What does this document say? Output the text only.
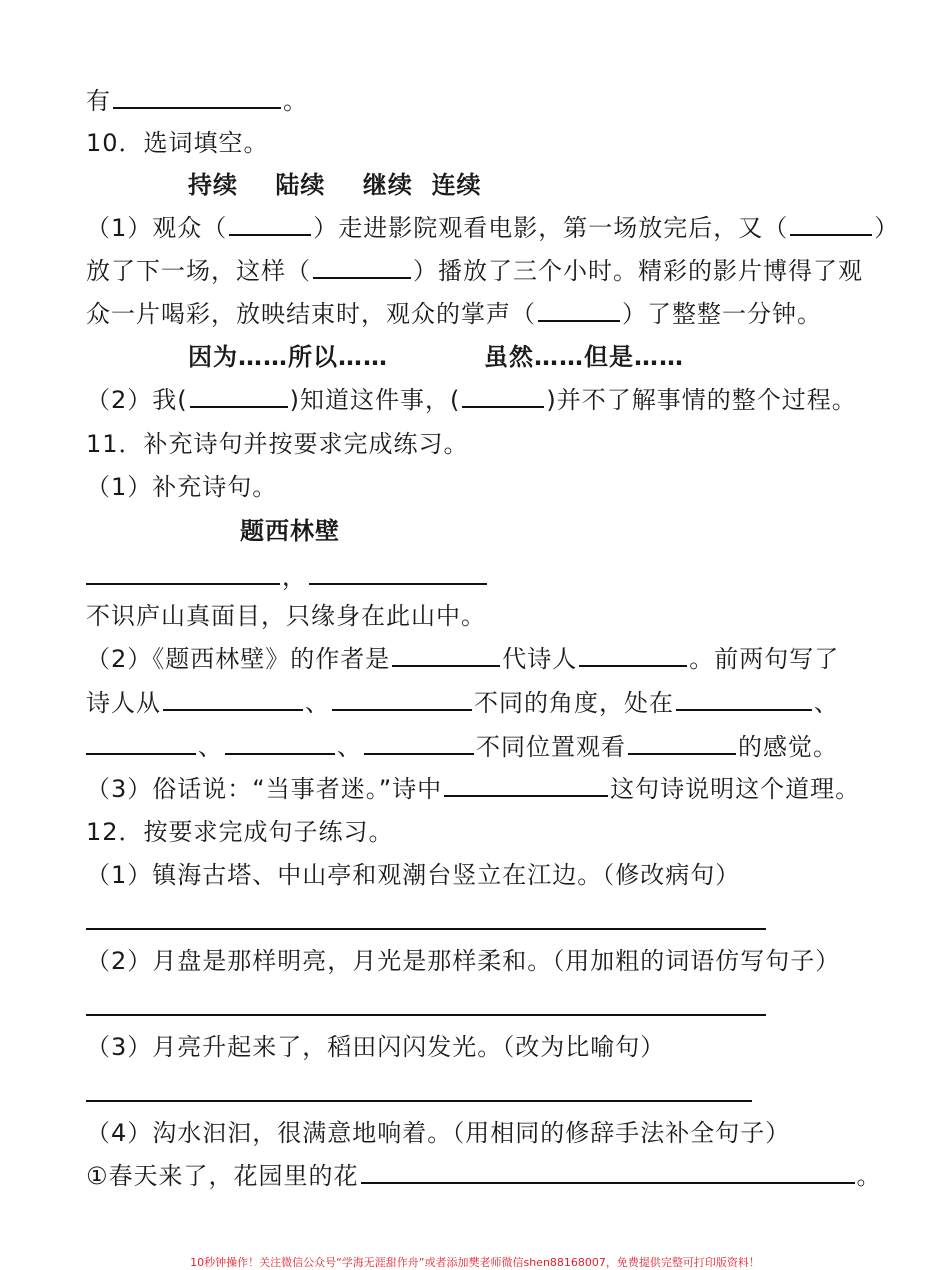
有	。
10．选词填空。
持续 陆续 继续 连续
（1）观众（	）走进影院观看电影，第一场放完后，又（	）
放了下一场，这样（	）播放了三个小时。精彩的影片博得了观
众一片喝彩，放映结束时，观众的掌声（	）了整整一分钟。
因为……所以……	虽然……但是……
（2）我(	)知道这件事，(	)并不了解事情的整个过程。
11．补充诗句并按要求完成练习。
（1）补充诗句。
题西林壁
，
不识庐山真面目，只缘身在此山中。
（2）《题西林壁》的作者是	代诗人	。前两句写了
诗人从	、	不同的角度，处在	、
、	、	不同位置观看	的感觉。
（3）俗话说：“当事者迷。”诗中	这句诗说明这个道理。
12．按要求完成句子练习。
（1）镇海古塔、中山亭和观潮台竖立在江边。（修改病句）
（2）月盘是那样明亮，月光是那样柔和。（用加粗的词语仿写句子）
（3）月亮升起来了，稻田闪闪发光。（改为比喻句）
（4）沟水汩汩，很满意地响着。（用相同的修辞手法补全句子）
①春天来了，花园里的花	。
10秒钟操作！关注微信公众号“学海无涯甜作舟”或者添加樊老师微信shen88168007，免费提供完整可打印版资料！
